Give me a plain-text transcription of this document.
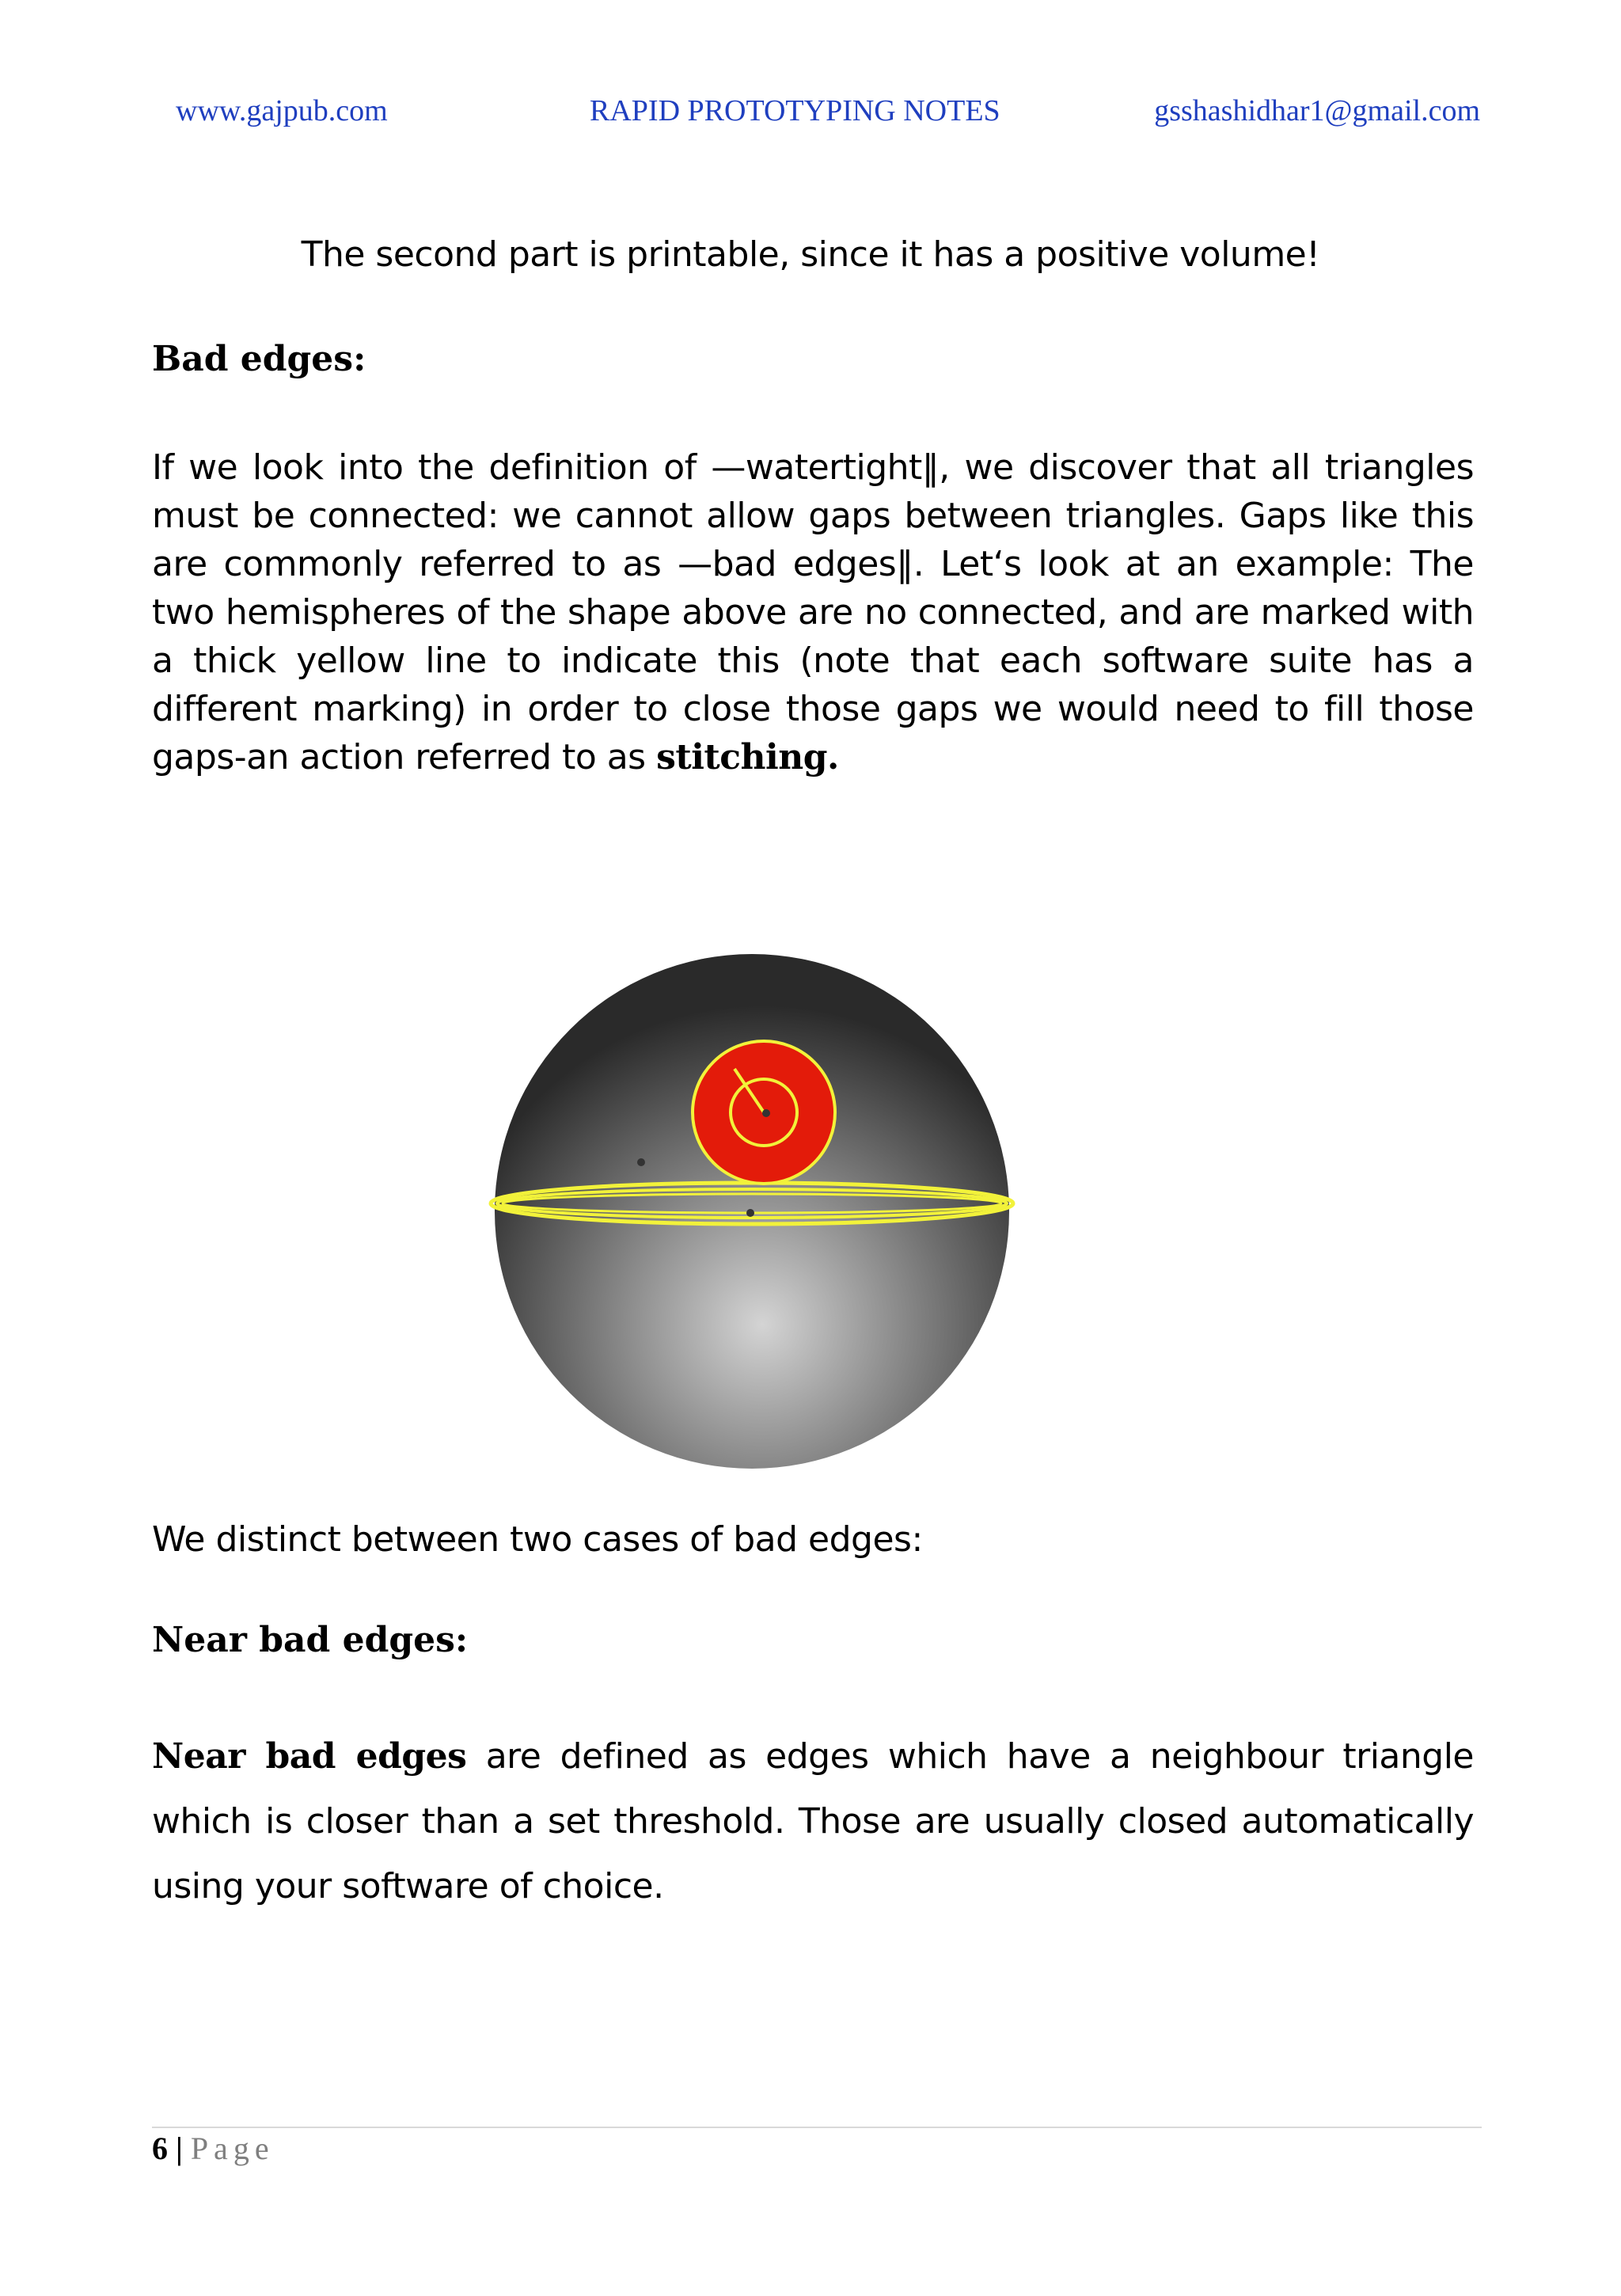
www.gajpub.com	RAPID PROTOTYPING NOTES	gsshashidhar1@gmail.com
The second part is printable, since it has a positive volume!
Bad edges:
If we look into the definition of —watertight‖, we discover that all triangles must be connected: we cannot allow gaps between triangles. Gaps like this are commonly referred to as —bad edges‖. Let‘s look at an example: The two hemispheres of the shape above are no connected, and are marked with a thick yellow line to indicate this (note that each software suite has a different marking) in order to close those gaps we would need to fill those gaps-an action referred to as stitching.
We distinct between two cases of bad edges:
Near bad edges:
Near bad edges are defined as edges which have a neighbour triangle which is closer than a set threshold. Those are usually closed automatically using your software of choice.
6 | Page
